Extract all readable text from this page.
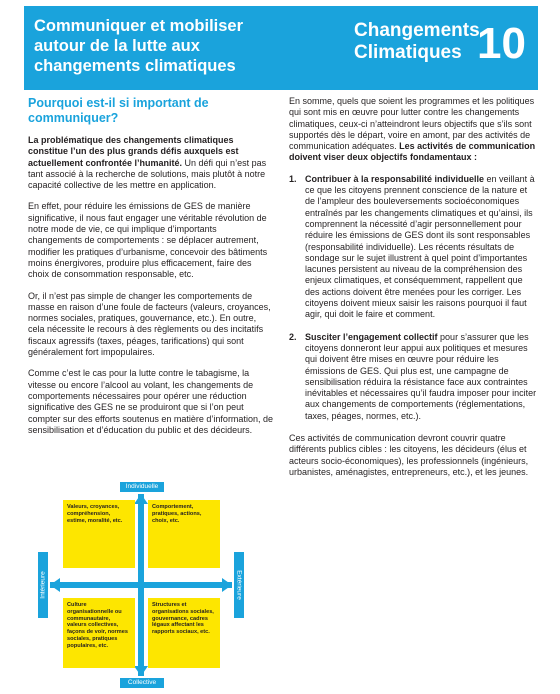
Communiquer et mobiliser autour de la lutte aux changements climatiques
Changements Climatiques 10
Pourquoi est-il si important de communiquer?

La problématique des changements climatiques constitue l’un des plus grands défis auxquels est actuellement confrontée l’humanité. Un défi qui n’est pas tant associé à la recherche de solutions, mais plutôt à notre capacité collective de les mettre en application.

En effet, pour réduire les émissions de GES de manière significative, il nous faut engager une véritable révolution de notre mode de vie, ce qui implique d’importants changements de comportements : se déplacer autrement, modifier les pratiques d’urbanisme, concevoir des bâtiments moins énergivores, produire plus efficacement, faire des choix de consommation responsable, etc.

Or, il n’est pas simple de changer les comportements de masse en raison d’une foule de facteurs (valeurs, croyances, normes sociales, pratiques, gouvernance, etc.). En outre, cela nécessite le recours à des règlements ou des incitatifs fiscaux agressifs (taxes, péages, tarifications) qui sont généralement fort impopulaires.

Comme c’est le cas pour la lutte contre le tabagisme, la vitesse ou encore l’alcool au volant, les changements de comportements nécessaires pour opérer une réduction significative des GES ne se produiront que si l’on peut compter sur des efforts soutenus en matière d’information, de sensibilisation et d’éducation du public et des décideurs.

Individuelle
Collective
Intérieure	Extérieure
Valeurs, croyances, compréhension, estime, moralité, etc.
Comportement, pratiques, actions, choix, etc.
Culture organisationnelle ou communautaire, valeurs collectives, façons de voir, normes sociales, pratiques populaires, etc.
Structures et organisations sociales, gouvernance, cadres légaux affectant les rapports sociaux, etc.

En somme, quels que soient les programmes et les politiques qui sont mis en œuvre pour lutter contre les changements climatiques, ceux-ci n’atteindront leurs objectifs que s’ils sont supportés dès le départ, voire en amont, par des activités de communication adéquates. Les activités de communication doivent viser deux objectifs fondamentaux :

1. Contribuer à la responsabilité individuelle en veillant à ce que les citoyens prennent conscience de la nature et de l’ampleur des bouleversements socioéconomiques entraînés par les changements climatiques et qu’ainsi, ils comprennent la nécessité d’agir personnellement pour réduire les émissions de GES dont ils sont responsables (responsabilité individuelle). Les récents résultats de sondage sur le sujet illustrent à quel point d’importantes lacunes persistent au niveau de la compréhension des enjeux climatiques, et conséquemment, rappellent que des actions doivent être menées pour les corriger. Les citoyens doivent mieux saisir les raisons pourquoi il faut agir, qui doit le faire et comment.
2. Susciter l’engagement collectif pour s’assurer que les citoyens donneront leur appui aux politiques et mesures qui doivent être mises en œuvre pour réduire les émissions de GES. Qui plus est, une campagne de sensibilisation réduira la résistance face aux contraintes inévitables et nécessaires qu’il faudra imposer pour inciter aux changements de comportements (réglementations, taxes, péages, normes, etc.).

Ces activités de communication devront couvrir quatre différents publics cibles : les citoyens, les décideurs (élus et acteurs socio-économiques), les professionnels (ingénieurs, urbanistes, aménagistes, entrepreneurs, etc.), et les jeunes.
